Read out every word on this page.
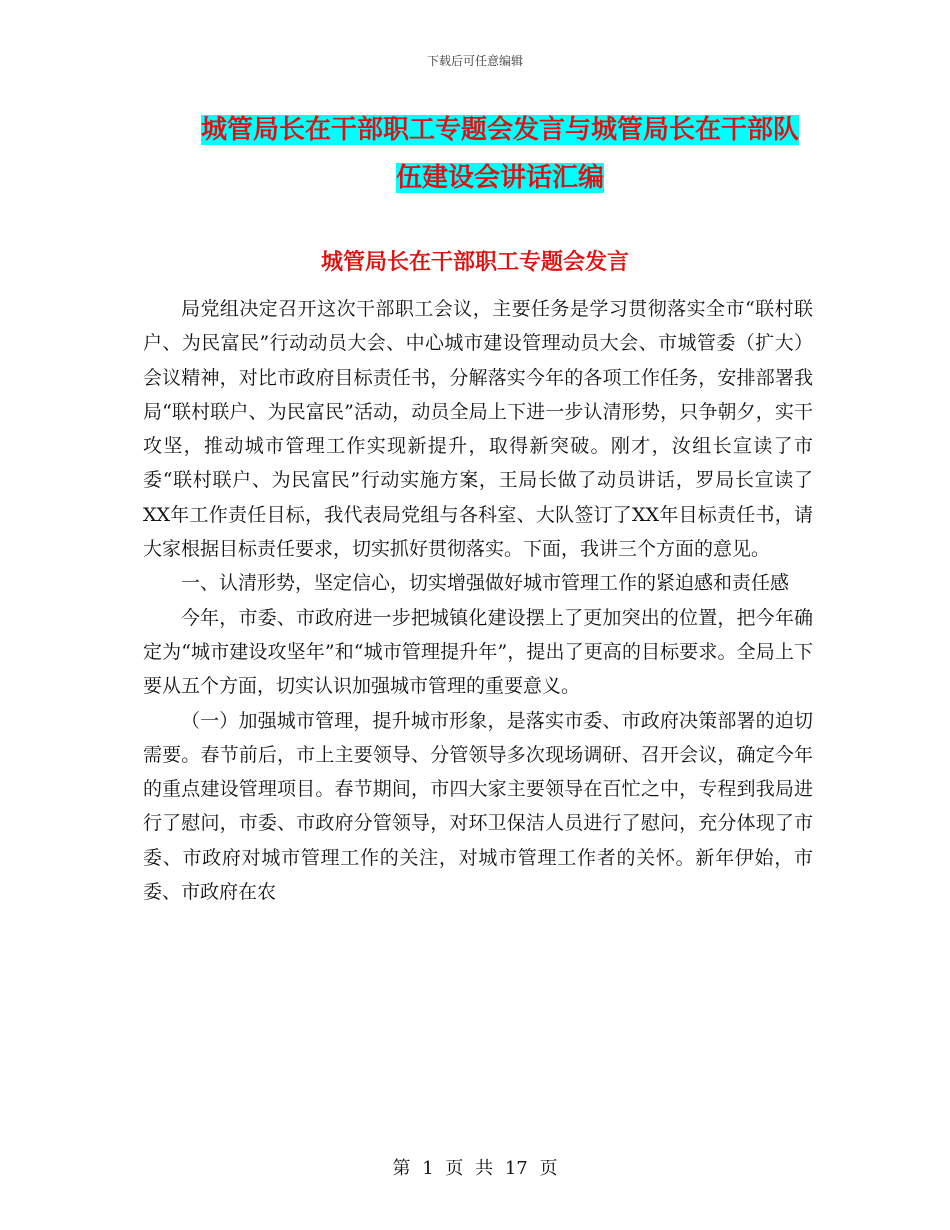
下载后可任意编辑
城管局长在干部职工专题会发言与城管局长在干部队
伍建设会讲话汇编
城管局长在干部职工专题会发言

局党组决定召开这次干部职工会议，主要任务是学习贯彻落实全市“联村联户、为民富民”行动动员大会、中心城市建设管理动员大会、市城管委（扩大）会议精神，对比市政府目标责任书，分解落实今年的各项工作任务，安排部署我局“联村联户、为民富民”活动，动员全局上下进一步认清形势，只争朝夕，实干攻坚，推动城市管理工作实现新提升，取得新突破。刚才，汝组长宣读了市委“联村联户、为民富民”行动实施方案，王局长做了动员讲话，罗局长宣读了XX年工作责任目标，我代表局党组与各科室、大队签订了XX年目标责任书，请大家根据目标责任要求，切实抓好贯彻落实。下面，我讲三个方面的意见。

一、认清形势，坚定信心，切实增强做好城市管理工作的紧迫感和责任感

今年，市委、市政府进一步把城镇化建设摆上了更加突出的位置，把今年确定为“城市建设攻坚年”和“城市管理提升年”，提出了更高的目标要求。全局上下要从五个方面，切实认识加强城市管理的重要意义。

（一）加强城市管理，提升城市形象，是落实市委、市政府决策部署的迫切需要。春节前后，市上主要领导、分管领导多次现场调研、召开会议，确定今年的重点建设管理项目。春节期间，市四大家主要领导在百忙之中，专程到我局进行了慰问，市委、市政府分管领导，对环卫保洁人员进行了慰问，充分体现了市委、市政府对城市管理工作的关注，对城市管理工作者的关怀。新年伊始，市委、市政府在农

第 1 页 共 17 页
